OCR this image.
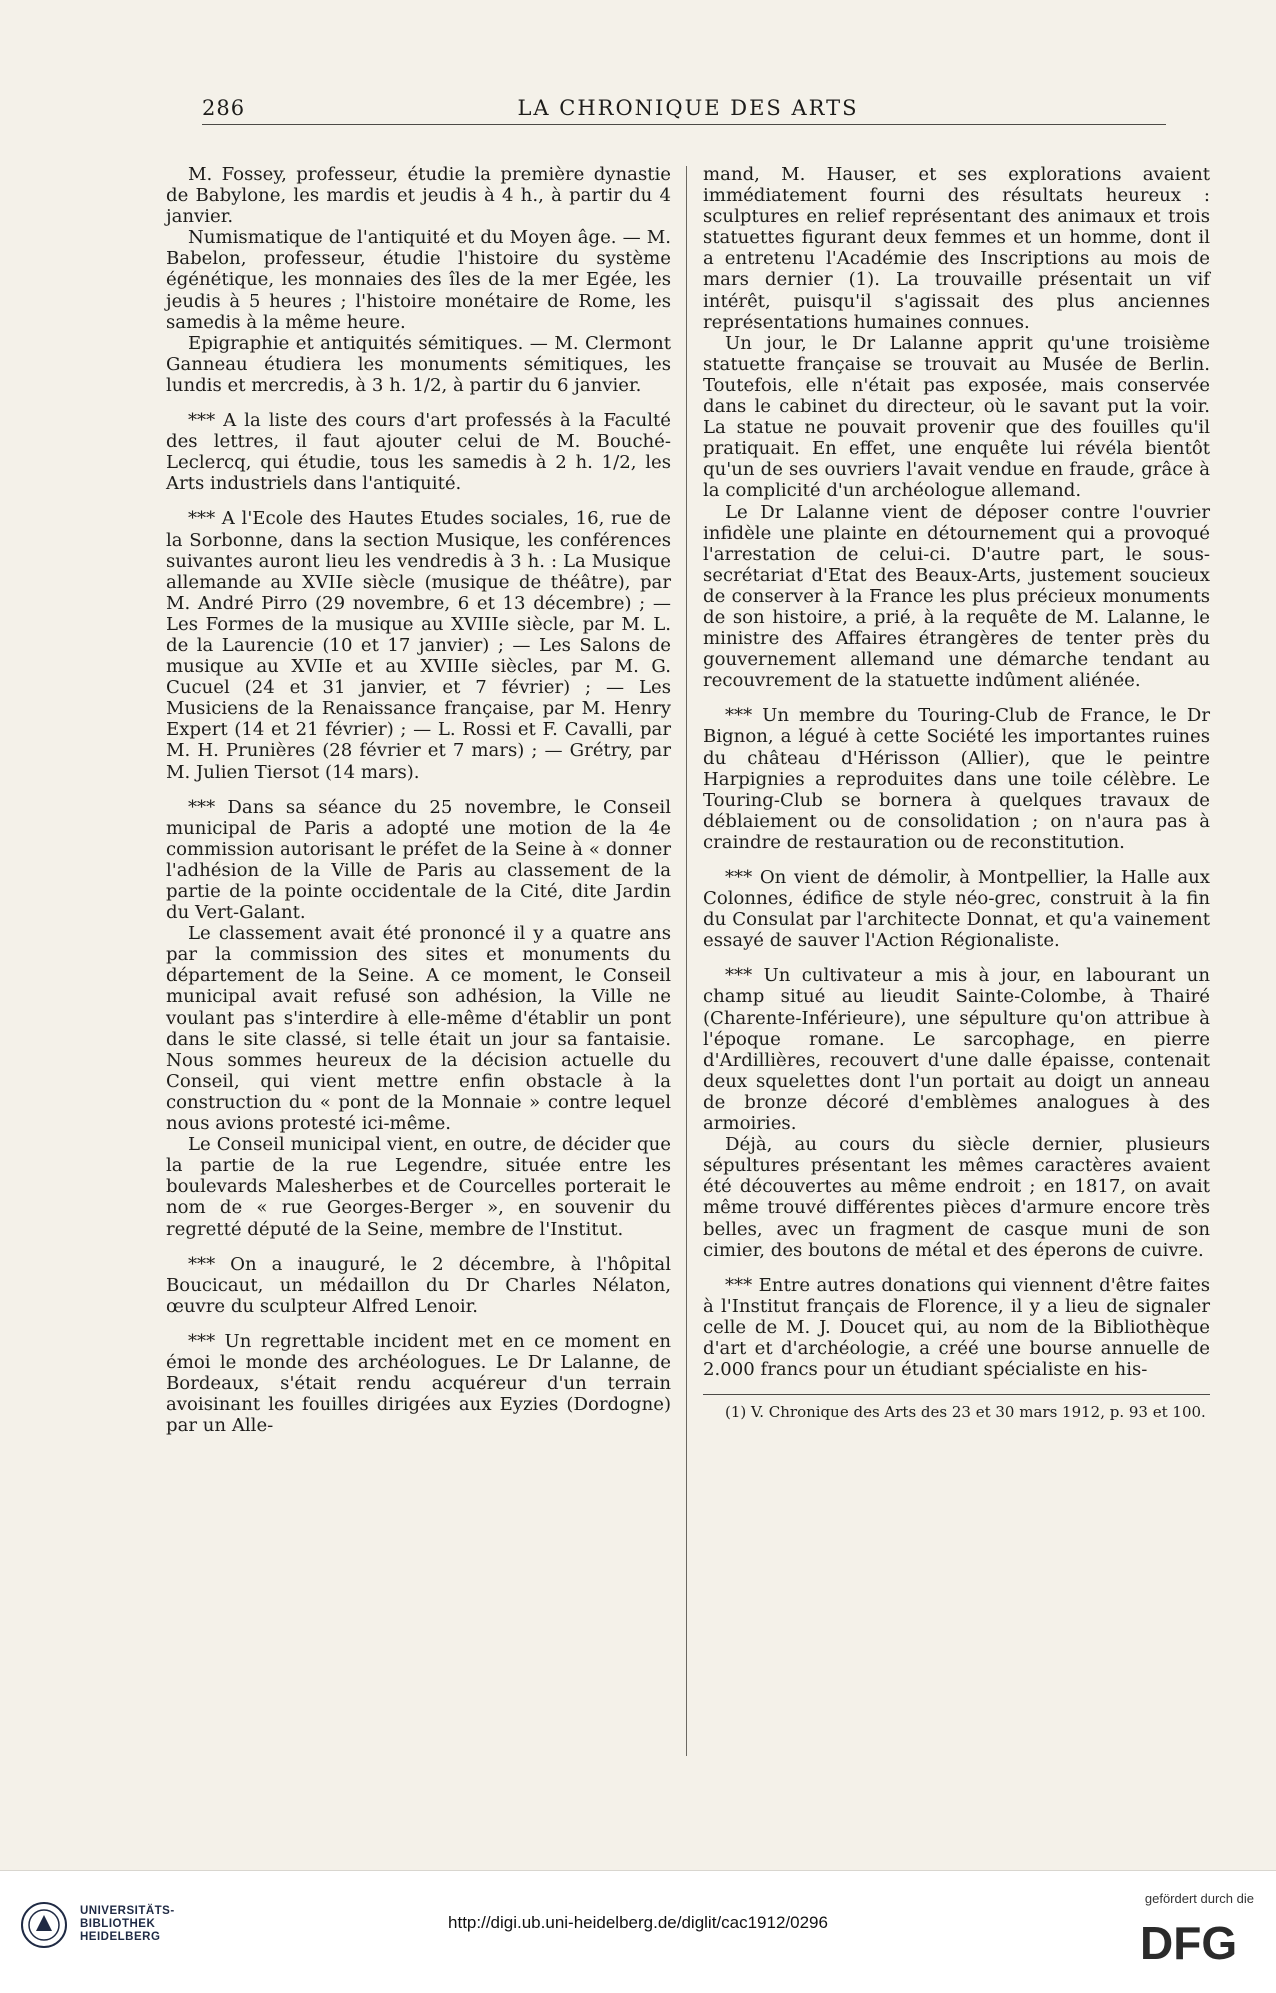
286	LA CHRONIQUE DES ARTS

M. Fossey, professeur, étudie la première dynastie de Babylone, les mardis et jeudis à 4 h., à partir du 4 janvier.

Numismatique de l'antiquité et du Moyen âge. — M. Babelon, professeur, étudie l'histoire du système égénétique, les monnaies des îles de la mer Egée, les jeudis à 5 heures ; l'histoire monétaire de Rome, les samedis à la même heure.

Epigraphie et antiquités sémitiques. — M. Clermont Ganneau étudiera les monuments sémitiques, les lundis et mercredis, à 3 h. 1/2, à partir du 6 janvier.

*** A la liste des cours d'art professés à la Faculté des lettres, il faut ajouter celui de M. Bouché-Leclercq, qui étudie, tous les samedis à 2 h. 1/2, les Arts industriels dans l'antiquité.

*** A l'Ecole des Hautes Etudes sociales, 16, rue de la Sorbonne, dans la section Musique, les conférences suivantes auront lieu les vendredis à 3 h. : La Musique allemande au XVIIe siècle (musique de théâtre), par M. André Pirro (29 novembre, 6 et 13 décembre) ; — Les Formes de la musique au XVIIIe siècle, par M. L. de la Laurencie (10 et 17 janvier) ; — Les Salons de musique au XVIIe et au XVIIIe siècles, par M. G. Cucuel (24 et 31 janvier, et 7 février) ; — Les Musiciens de la Renaissance française, par M. Henry Expert (14 et 21 février) ; — L. Rossi et F. Cavalli, par M. H. Prunières (28 février et 7 mars) ; — Grétry, par M. Julien Tiersot (14 mars).

*** Dans sa séance du 25 novembre, le Conseil municipal de Paris a adopté une motion de la 4e commission autorisant le préfet de la Seine à « donner l'adhésion de la Ville de Paris au classement de la partie de la pointe occidentale de la Cité, dite Jardin du Vert-Galant.

Le classement avait été prononcé il y a quatre ans par la commission des sites et monuments du département de la Seine. A ce moment, le Conseil municipal avait refusé son adhésion, la Ville ne voulant pas s'interdire à elle-même d'établir un pont dans le site classé, si telle était un jour sa fantaisie. Nous sommes heureux de la décision actuelle du Conseil, qui vient mettre enfin obstacle à la construction du « pont de la Monnaie » contre lequel nous avions protesté ici-même.

Le Conseil municipal vient, en outre, de décider que la partie de la rue Legendre, située entre les boulevards Malesherbes et de Courcelles porterait le nom de « rue Georges-Berger », en souvenir du regretté député de la Seine, membre de l'Institut.

*** On a inauguré, le 2 décembre, à l'hôpital Boucicaut, un médaillon du Dr Charles Nélaton, œuvre du sculpteur Alfred Lenoir.

*** Un regrettable incident met en ce moment en émoi le monde des archéologues. Le Dr Lalanne, de Bordeaux, s'était rendu acquéreur d'un terrain avoisinant les fouilles dirigées aux Eyzies (Dordogne) par un Alle-

mand, M. Hauser, et ses explorations avaient immédiatement fourni des résultats heureux : sculptures en relief représentant des animaux et trois statuettes figurant deux femmes et un homme, dont il a entretenu l'Académie des Inscriptions au mois de mars dernier (1). La trouvaille présentait un vif intérêt, puisqu'il s'agissait des plus anciennes représentations humaines connues.

Un jour, le Dr Lalanne apprit qu'une troisième statuette française se trouvait au Musée de Berlin. Toutefois, elle n'était pas exposée, mais conservée dans le cabinet du directeur, où le savant put la voir. La statue ne pouvait provenir que des fouilles qu'il pratiquait. En effet, une enquête lui révéla bientôt qu'un de ses ouvriers l'avait vendue en fraude, grâce à la complicité d'un archéologue allemand.

Le Dr Lalanne vient de déposer contre l'ouvrier infidèle une plainte en détournement qui a provoqué l'arrestation de celui-ci. D'autre part, le sous-secrétariat d'Etat des Beaux-Arts, justement soucieux de conserver à la France les plus précieux monuments de son histoire, a prié, à la requête de M. Lalanne, le ministre des Affaires étrangères de tenter près du gouvernement allemand une démarche tendant au recouvrement de la statuette indûment aliénée.

*** Un membre du Touring-Club de France, le Dr Bignon, a légué à cette Société les importantes ruines du château d'Hérisson (Allier), que le peintre Harpignies a reproduites dans une toile célèbre. Le Touring-Club se bornera à quelques travaux de déblaiement ou de consolidation ; on n'aura pas à craindre de restauration ou de reconstitution.

*** On vient de démolir, à Montpellier, la Halle aux Colonnes, édifice de style néo-grec, construit à la fin du Consulat par l'architecte Donnat, et qu'a vainement essayé de sauver l'Action Régionaliste.

*** Un cultivateur a mis à jour, en labourant un champ situé au lieudit Sainte-Colombe, à Thairé (Charente-Inférieure), une sépulture qu'on attribue à l'époque romane. Le sarcophage, en pierre d'Ardillières, recouvert d'une dalle épaisse, contenait deux squelettes dont l'un portait au doigt un anneau de bronze décoré d'emblèmes analogues à des armoiries.

Déjà, au cours du siècle dernier, plusieurs sépultures présentant les mêmes caractères avaient été découvertes au même endroit ; en 1817, on avait même trouvé différentes pièces d'armure encore très belles, avec un fragment de casque muni de son cimier, des boutons de métal et des éperons de cuivre.

*** Entre autres donations qui viennent d'être faites à l'Institut français de Florence, il y a lieu de signaler celle de M. J. Doucet qui, au nom de la Bibliothèque d'art et d'archéologie, a créé une bourse annuelle de 2.000 francs pour un étudiant spécialiste en his-

(1) V. Chronique des Arts des 23 et 30 mars 1912, p. 93 et 100.

UNIVERSITÄTS-
BIBLIOTHEK
HEIDELBERG
http://digi.ub.uni-heidelberg.de/diglit/cac1912/0296
gefördert durch die
DFG
